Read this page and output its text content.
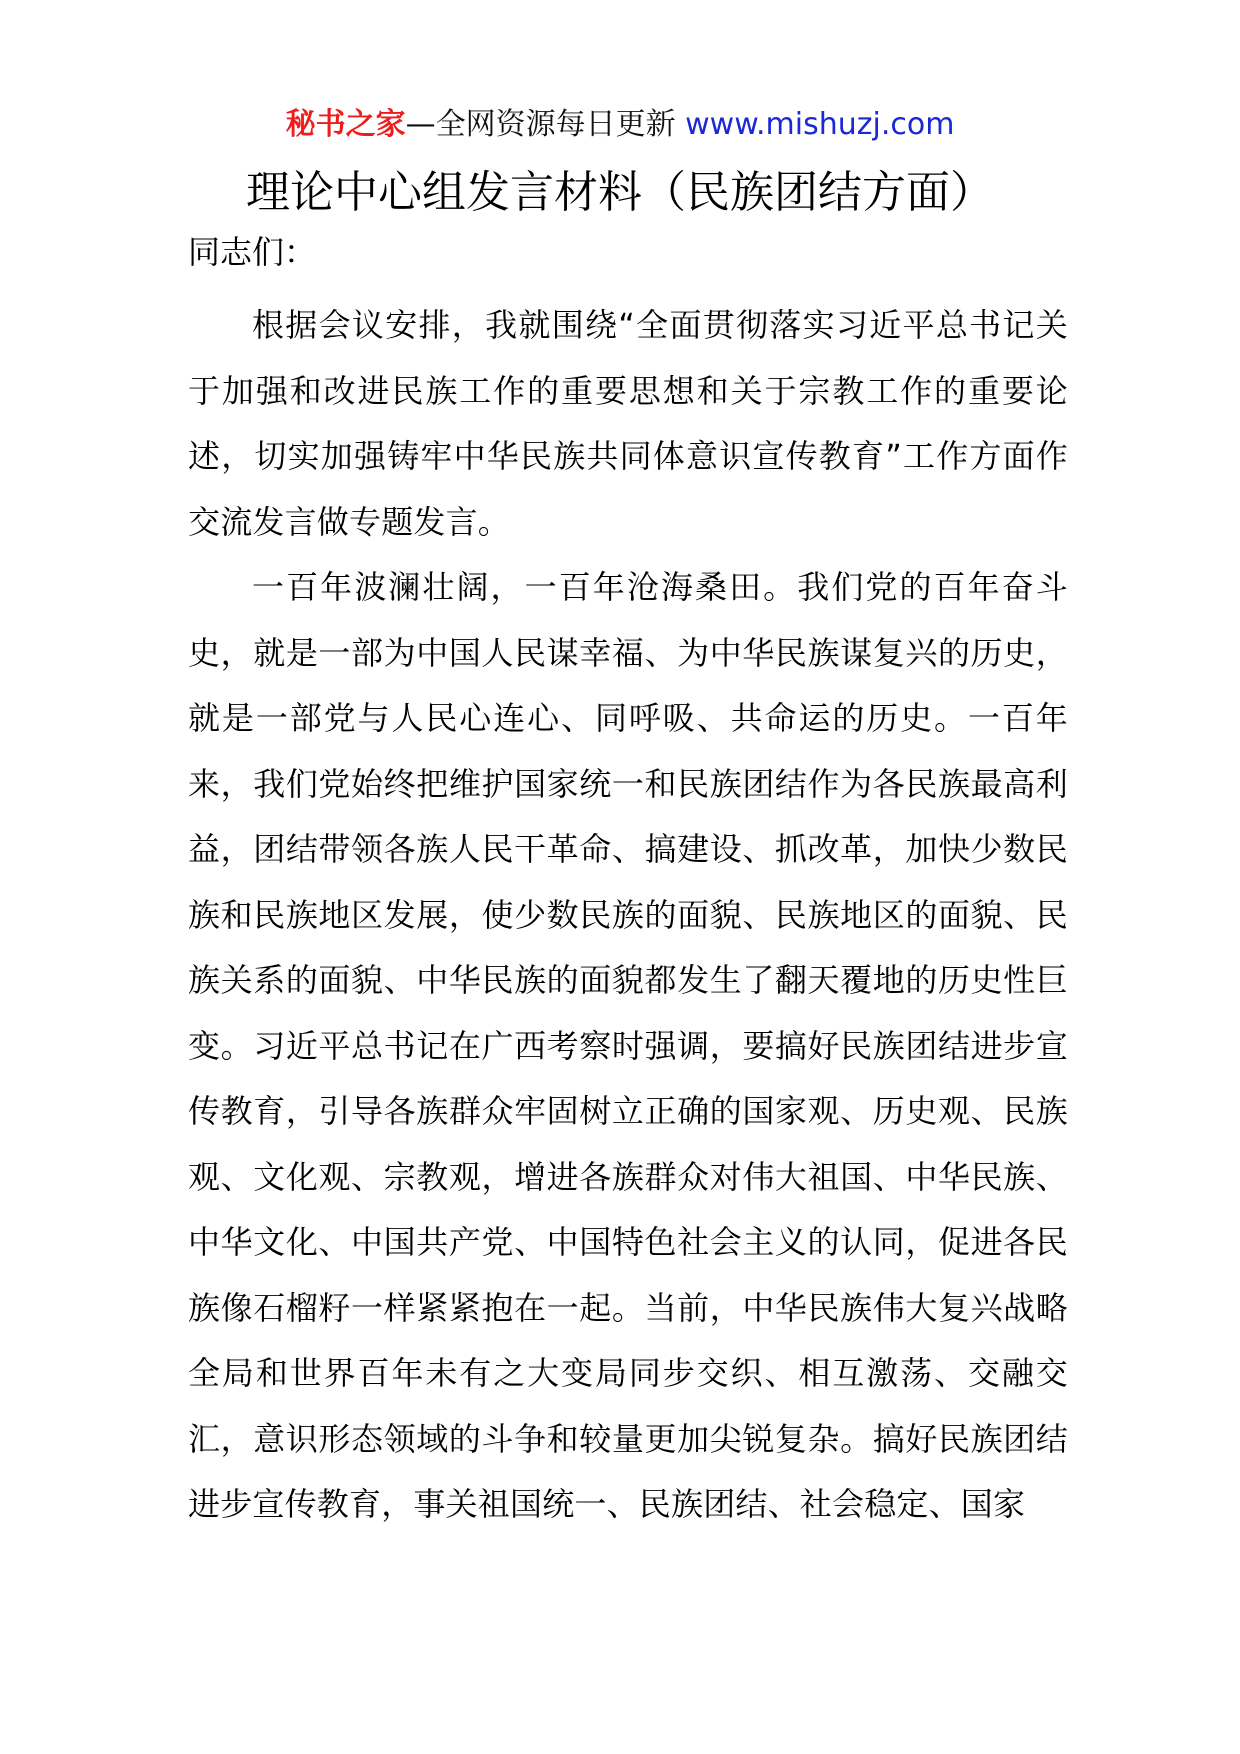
秘书之家—全网资源每日更新 www.mishuzj.com
理论中心组发言材料（民族团结方面）

同志们：

根据会议安排，我就围绕“全面贯彻落实习近平总书记关于加强和改进民族工作的重要思想和关于宗教工作的重要论述，切实加强铸牢中华民族共同体意识宣传教育”工作方面作交流发言做专题发言。

一百年波澜壮阔，一百年沧海桑田。我们党的百年奋斗史，就是一部为中国人民谋幸福、为中华民族谋复兴的历史，就是一部党与人民心连心、同呼吸、共命运的历史。一百年来，我们党始终把维护国家统一和民族团结作为各民族最高利益，团结带领各族人民干革命、搞建设、抓改革，加快少数民族和民族地区发展，使少数民族的面貌、民族地区的面貌、民族关系的面貌、中华民族的面貌都发生了翻天覆地的历史性巨变。习近平总书记在广西考察时强调，要搞好民族团结进步宣传教育，引导各族群众牢固树立正确的国家观、历史观、民族观、文化观、宗教观，增进各族群众对伟大祖国、中华民族、中华文化、中国共产党、中国特色社会主义的认同，促进各民族像石榴籽一样紧紧抱在一起。当前，中华民族伟大复兴战略全局和世界百年未有之大变局同步交织、相互激荡、交融交汇，意识形态领域的斗争和较量更加尖锐复杂。搞好民族团结进步宣传教育，事关祖国统一、民族团结、社会稳定、国家
